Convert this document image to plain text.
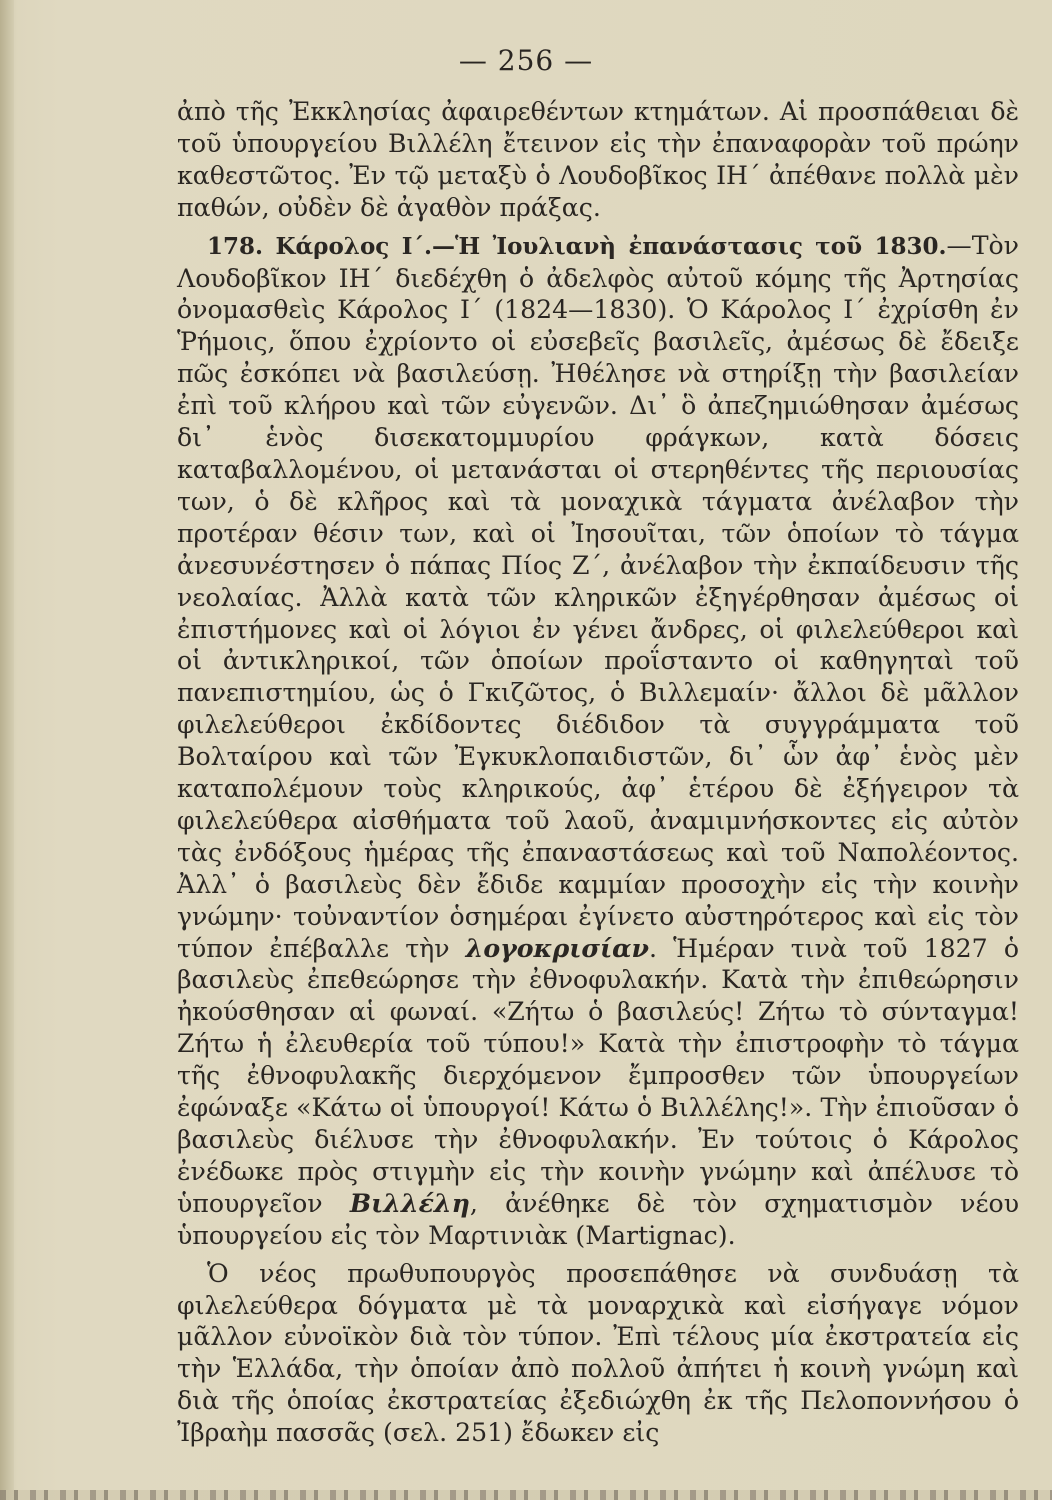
— 256 —

ἀπὸ τῆς Ἐκκλησίας ἀφαιρεθέντων κτημάτων. Αἱ προσπάθειαι δὲ τοῦ ὑπουργείου Βιλλέλη ἔτεινον εἰς τὴν ἐπαναφορὰν τοῦ πρώην καθεστῶτος. Ἐν τῷ μεταξὺ ὁ Λουδοβῖκος ΙΗ΄ ἀπέθανε πολλὰ μὲν παθών, οὐδὲν δὲ ἀγαθὸν πράξας.

178. Κάρολος Ι΄.—Ἡ Ἰουλιανὴ ἐπανάστασις τοῦ 1830.—Τὸν Λουδοβῖκον ΙΗ΄ διεδέχθη ὁ ἀδελφὸς αὐτοῦ κόμης τῆς Ἀρτησίας ὀνομασθεὶς Κάρολος Ι΄ (1824—1830). Ὁ Κάρολος Ι΄ ἐχρίσθη ἐν Ῥήμοις, ὅπου ἐχρίοντο οἱ εὐσεβεῖς βασιλεῖς, ἀμέσως δὲ ἔδειξε πῶς ἐσκόπει νὰ βασιλεύσῃ. Ἠθέλησε νὰ στηρίξῃ τὴν βασιλείαν ἐπὶ τοῦ κλήρου καὶ τῶν εὐγενῶν. Δι᾽ ὃ ἀπεζημιώθησαν ἀμέσως δι᾽ ἑνὸς δισεκατομμυρίου φράγκων, κατὰ δόσεις καταβαλλομένου, οἱ μετανάσται οἱ στερηθέντες τῆς περιουσίας των, ὁ δὲ κλῆρος καὶ τὰ μοναχικὰ τάγματα ἀνέλαβον τὴν προτέραν θέσιν των, καὶ οἱ Ἰησουῖται, τῶν ὁποίων τὸ τάγμα ἀνεσυνέστησεν ὁ πάπας Πίος Ζ΄, ἀνέλαβον τὴν ἐκπαίδευσιν τῆς νεολαίας. Ἀλλὰ κατὰ τῶν κληρικῶν ἐξηγέρθησαν ἀμέσως οἱ ἐπιστήμονες καὶ οἱ λόγιοι ἐν γένει ἄνδρες, οἱ φιλελεύθεροι καὶ οἱ ἀντικληρικοί, τῶν ὁποίων προΐσταντο οἱ καθηγηταὶ τοῦ πανεπιστημίου, ὡς ὁ Γκιζῶτος, ὁ Βιλλεμαίν· ἄλλοι δὲ μᾶλλον φιλελεύθεροι ἐκδίδοντες διέδιδον τὰ συγγράμματα τοῦ Βολταίρου καὶ τῶν Ἐγκυκλοπαιδιστῶν, δι᾽ ὧν ἀφ᾽ ἑνὸς μὲν καταπολέμουν τοὺς κληρικούς, ἀφ᾽ ἑτέρου δὲ ἐξήγειρον τὰ φιλελεύθερα αἰσθήματα τοῦ λαοῦ, ἀναμιμνήσκοντες εἰς αὐτὸν τὰς ἐνδόξους ἡμέρας τῆς ἐπαναστάσεως καὶ τοῦ Ναπολέοντος. Ἀλλ᾽ ὁ βασιλεὺς δὲν ἔδιδε καμμίαν προσοχὴν εἰς τὴν κοινὴν γνώμην· τοὐναντίον ὁσημέραι ἐγίνετο αὐστηρότερος καὶ εἰς τὸν τύπον ἐπέβαλλε τὴν λογοκρισίαν. Ἡμέραν τινὰ τοῦ 1827 ὁ βασιλεὺς ἐπεθεώρησε τὴν ἐθνοφυλακήν. Κατὰ τὴν ἐπιθεώρησιν ἠκούσθησαν αἱ φωναί. «Ζήτω ὁ βασιλεύς! Ζήτω τὸ σύνταγμα! Ζήτω ἡ ἐλευθερία τοῦ τύπου!» Κατὰ τὴν ἐπιστροφὴν τὸ τάγμα τῆς ἐθνοφυλακῆς διερχόμενον ἔμπροσθεν τῶν ὑπουργείων ἐφώναξε «Κάτω οἱ ὑπουργοί! Κάτω ὁ Βιλλέλης!». Τὴν ἐπιοῦσαν ὁ βασιλεὺς διέλυσε τὴν ἐθνοφυλακήν. Ἐν τούτοις ὁ Κάρολος ἐνέδωκε πρὸς στιγμὴν εἰς τὴν κοινὴν γνώμην καὶ ἀπέλυσε τὸ ὑπουργεῖον Βιλλέλη, ἀνέθηκε δὲ τὸν σχηματισμὸν νέου ὑπουργείου εἰς τὸν Μαρτινιὰκ (Martignac).

Ὁ νέος πρωθυπουργὸς προσεπάθησε νὰ συνδυάσῃ τὰ φιλελεύθερα δόγματα μὲ τὰ μοναρχικὰ καὶ εἰσήγαγε νόμον μᾶλλον εὐνοϊκὸν διὰ τὸν τύπον. Ἐπὶ τέλους μία ἐκστρατεία εἰς τὴν Ἑλλάδα, τὴν ὁποίαν ἀπὸ πολλοῦ ἀπήτει ἡ κοινὴ γνώμη καὶ διὰ τῆς ὁποίας ἐκστρατείας ἐξεδιώχθη ἐκ τῆς Πελοποννήσου ὁ Ἰβραὴμ πασσᾶς (σελ. 251) ἔδωκεν εἰς
